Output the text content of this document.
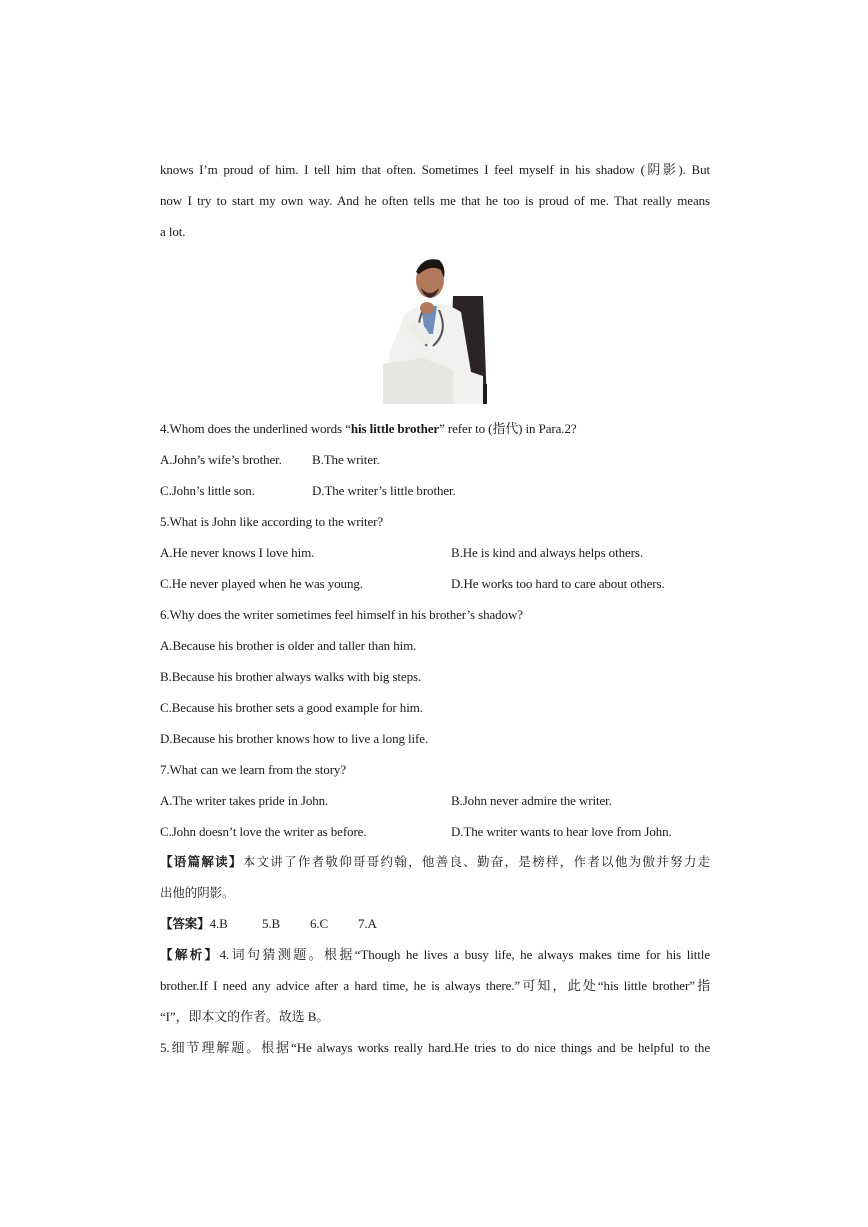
knows I’m proud of him. I tell him that often. Sometimes I feel myself in his shadow (阴影). But
now I try to start my own way. And he often tells me that he too is proud of me. That really means
a lot.
4.Whom does the underlined words “his little brother” refer to (指代) in Para.2?
A.John’s wife’s brother. B.The writer.
C.John’s little son.	D.The writer’s little brother.
5.What is John like according to the writer?
A.He never knows I love him.	B.He is kind and always helps others.
C.He never played when he was young.	D.He works too hard to care about others.
6.Why does the writer sometimes feel himself in his brother’s shadow?
A.Because his brother is older and taller than him.
B.Because his brother always walks with big steps.
C.Because his brother sets a good example for him.
D.Because his brother knows how to live a long life.
7.What can we learn from the story?
A.The writer takes pride in John.	B.John never admire the writer.
C.John doesn’t love the writer as before.	D.The writer wants to hear love from John.
【语篇解读】本文讲了作者敬仰哥哥约翰，他善良、勤奋，是榜样，作者以他为傲并努力走
出他的阴影。
【答案】4.B	5.B 6.C 7.A
【解析】4.词句猜测题。根据“Though he lives a busy life, he always makes time for his little
brother.If I need any advice after a hard time, he is always there.”可知，此处“his little brother”指
“I”，即本文的作者。故选 B。
5.细节理解题。根据“He always works really hard.He tries to do nice things and be helpful to the
